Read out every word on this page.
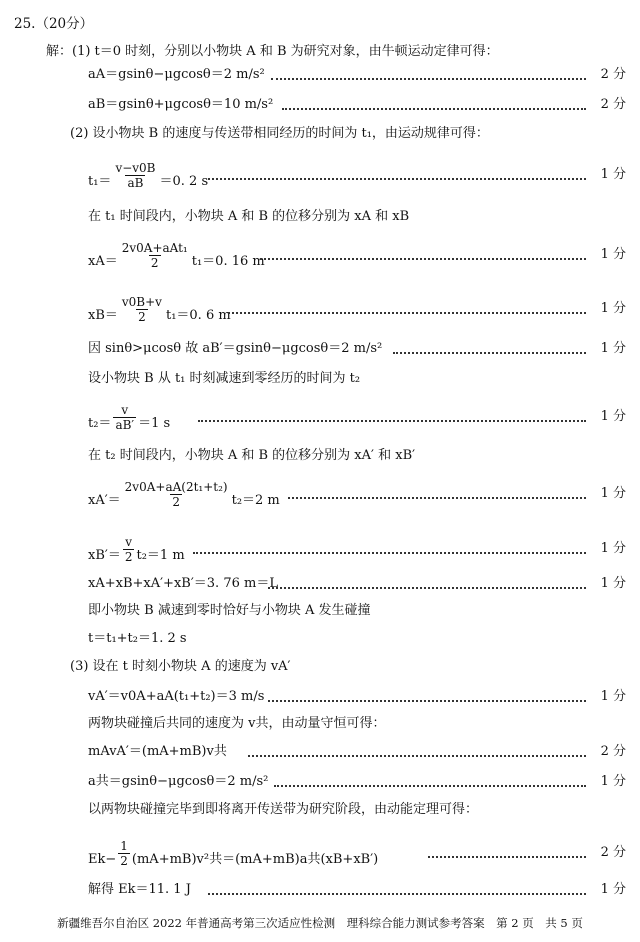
25.（20分）
解：(1) t＝0 时刻，分别以小物块 A 和 B 为研究对象，由牛顿运动定律可得：
aA＝gsinθ−μgcosθ＝2 m/s²	2 分
aB＝gsinθ+μgcosθ＝10 m/s²	2 分
(2) 设小物块 B 的速度与传送带相同经历的时间为 t₁，由运动规律可得：
$t_1= \frac{v-v0B}{aB} =0$. 2 s	1 分
在 t₁ 时间段内，小物块 A 和 B 的位移分别为 xA 和 xB
$xA= \frac{\text{2v0A+aAt₁}}{2} t_1=0$. 16 m	1 分
$xB= \frac{v0B+v}{2} t_1=0$. 6 m	1 分
因 sinθ>μcosθ 故 aB′＝gsinθ−μgcosθ＝2 m/s²	1 分
设小物块 B 从 t₁ 时刻减速到零经历的时间为 t₂
$t_2= \frac{v}{aB'} =1$ s	1 分
在 t₂ 时间段内，小物块 A 和 B 的位移分别为 xA′ 和 xB′
$xA'= \frac{\text{2v0A+aA(2t₁+t₂)}}{2} t_2=2$ m	1 分
$xB'= \frac{v}{2} t_2=1$ m	1 分
xA+xB+xA′+xB′＝3. 76 m＝L	1 分
即小物块 B 减速到零时恰好与小物块 A 发生碰撞
t＝t₁+t₂＝1. 2 s
(3) 设在 t 时刻小物块 A 的速度为 vA′
vA′＝v0A+aA(t₁+t₂)＝3 m/s	1 分
两物块碰撞后共同的速度为 v共，由动量守恒可得：
mAvA′＝(mA+mB)v共	2 分
a共＝gsinθ−μgcosθ＝2 m/s²	1 分
以两物块碰撞完毕到即将离开传送带为研究阶段，由动能定理可得：
$Ek- \frac{1}{2} (mA+mB)v^2$共＝(mA+mB)a共(xB+xB′)	2 分
解得 Ek＝11. 1 J	1 分
新疆维吾尔自治区 2022 年普通高考第三次适应性检测　理科综合能力测试参考答案　第 2 页　共 5 页
